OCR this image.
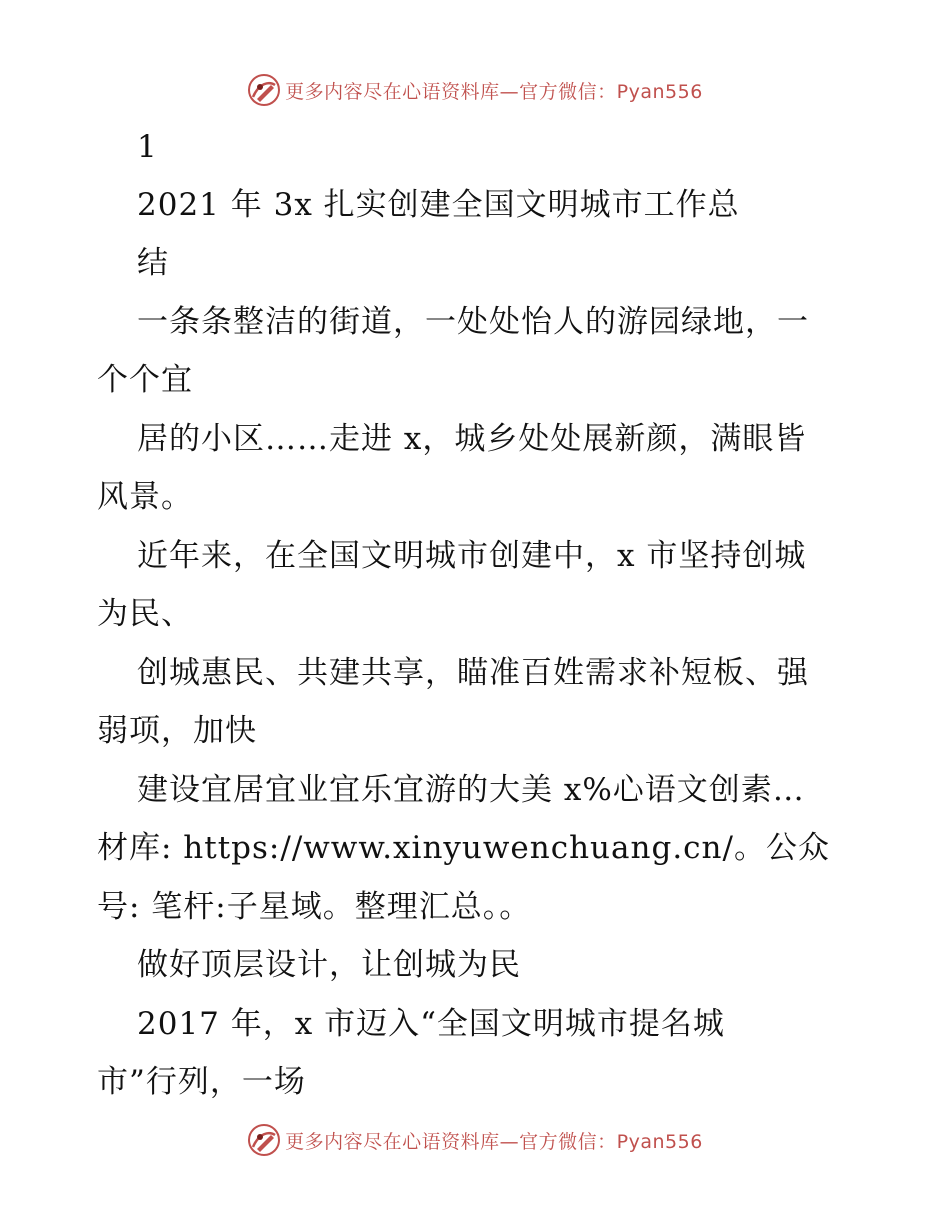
更多内容尽在心语资料库—官方微信：Pyan556
1
2021 年 3x 扎实创建全国文明城市工作总
结
一条条整洁的街道，一处处怡人的游园绿地，一
个个宜
居的小区……走进 x，城乡处处展新颜，满眼皆
风景。
近年来，在全国文明城市创建中，x 市坚持创城
为民、
创城惠民、共建共享，瞄准百姓需求补短板、强
弱项，加快
建设宜居宜业宜乐宜游的大美 x%心语文创素…
材库: https://www.xinyuwenchuang.cn/。公众
号: 笔杆:子星域。整理汇总。。
做好顶层设计，让创城为民
2017 年，x 市迈入“全国文明城市提名城
市”行列，一场
更多内容尽在心语资料库—官方微信：Pyan556
